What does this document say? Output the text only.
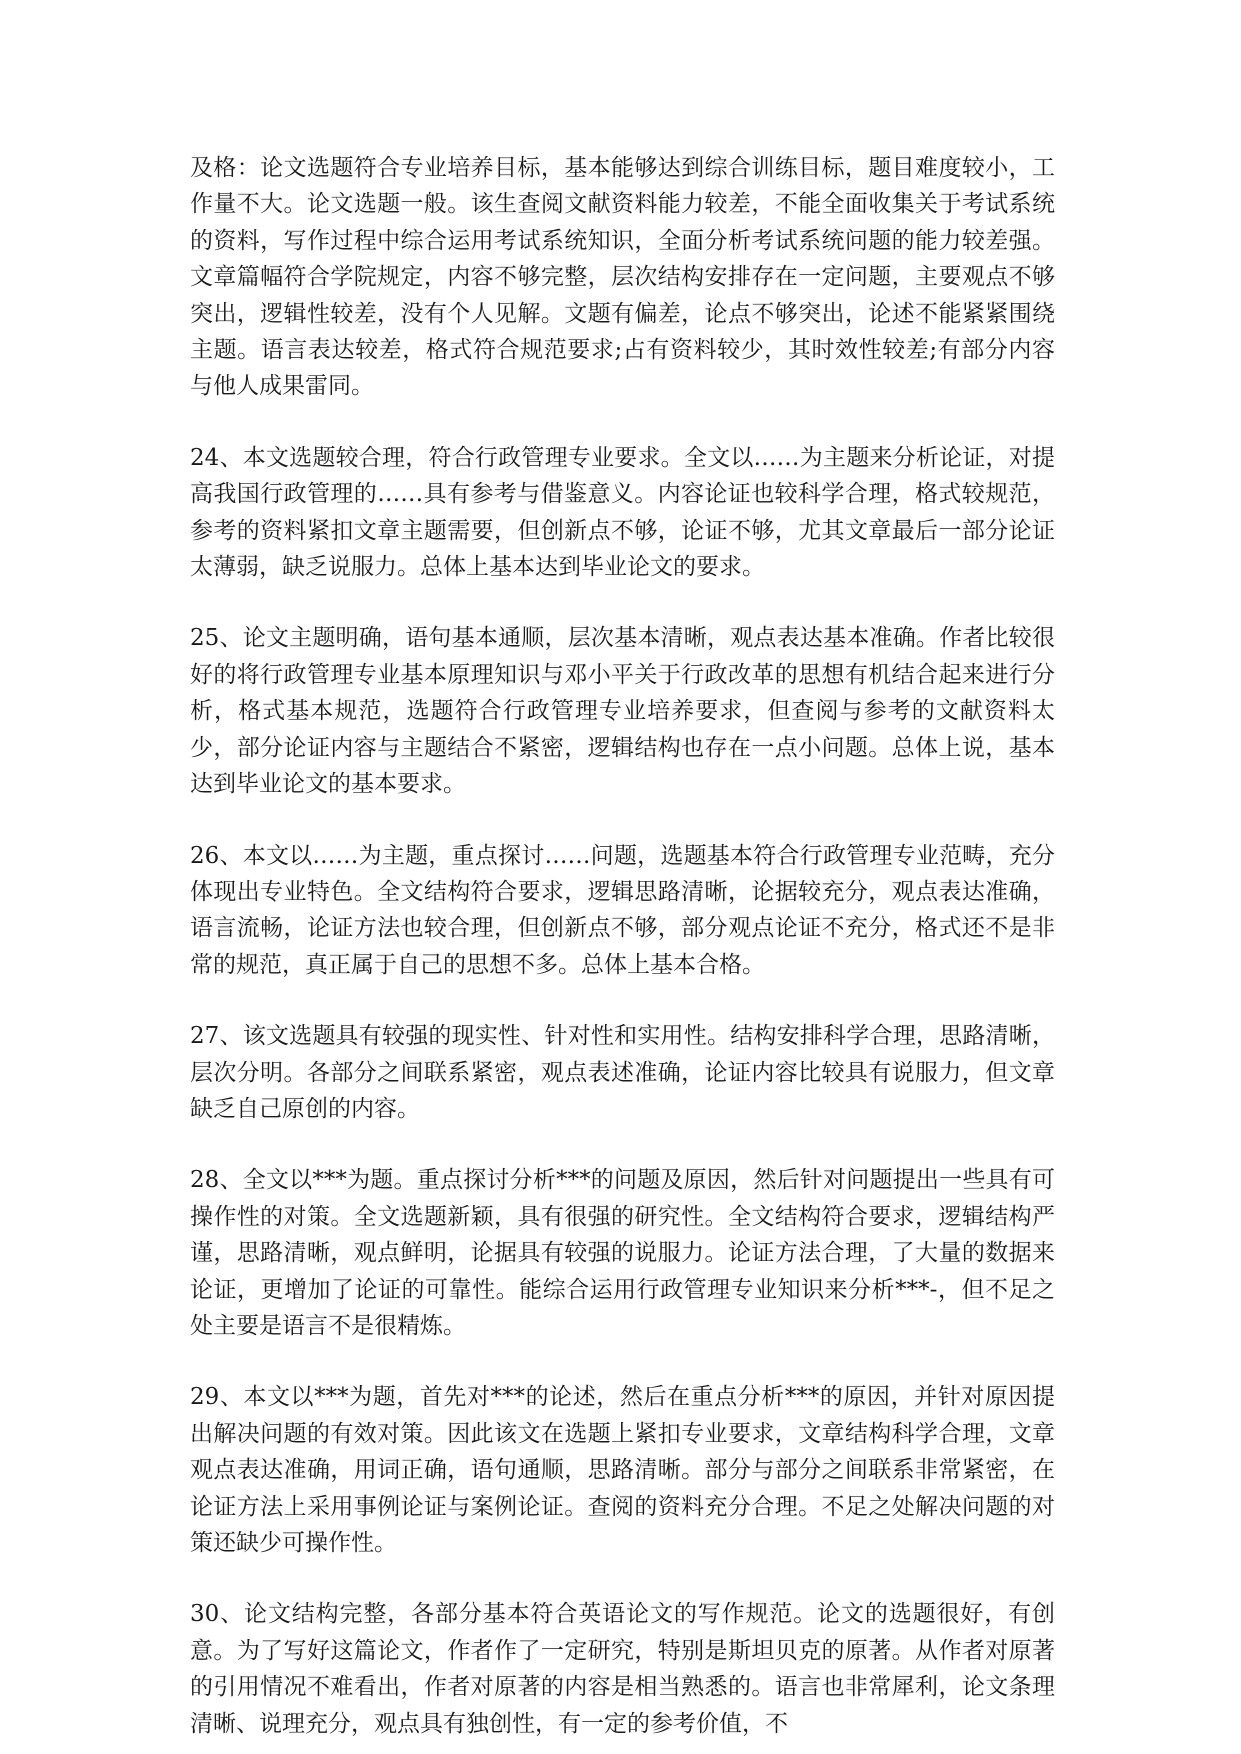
及格：论文选题符合专业培养目标，基本能够达到综合训练目标，题目难度较小，工作量不大。论文选题一般。该生查阅文献资料能力较差，不能全面收集关于考试系统的资料，写作过程中综合运用考试系统知识，全面分析考试系统问题的能力较差强。文章篇幅符合学院规定，内容不够完整，层次结构安排存在一定问题，主要观点不够突出，逻辑性较差，没有个人见解。文题有偏差，论点不够突出，论述不能紧紧围绕主题。语言表达较差，格式符合规范要求;占有资料较少，其时效性较差;有部分内容与他人成果雷同。

24、本文选题较合理，符合行政管理专业要求。全文以……为主题来分析论证，对提高我国行政管理的……具有参考与借鉴意义。内容论证也较科学合理，格式较规范，参考的资料紧扣文章主题需要，但创新点不够，论证不够，尤其文章最后一部分论证太薄弱，缺乏说服力。总体上基本达到毕业论文的要求。

25、论文主题明确，语句基本通顺，层次基本清晰，观点表达基本准确。作者比较很好的将行政管理专业基本原理知识与邓小平关于行政改革的思想有机结合起来进行分析，格式基本规范，选题符合行政管理专业培养要求，但查阅与参考的文献资料太少，部分论证内容与主题结合不紧密，逻辑结构也存在一点小问题。总体上说，基本达到毕业论文的基本要求。

26、本文以……为主题，重点探讨……问题，选题基本符合行政管理专业范畴，充分体现出专业特色。全文结构符合要求，逻辑思路清晰，论据较充分，观点表达准确，语言流畅，论证方法也较合理，但创新点不够，部分观点论证不充分，格式还不是非常的规范，真正属于自己的思想不多。总体上基本合格。

27、该文选题具有较强的现实性、针对性和实用性。结构安排科学合理，思路清晰，层次分明。各部分之间联系紧密，观点表述准确，论证内容比较具有说服力，但文章缺乏自己原创的内容。

28、全文以***为题。重点探讨分析***的问题及原因，然后针对问题提出一些具有可操作性的对策。全文选题新颖，具有很强的研究性。全文结构符合要求，逻辑结构严谨，思路清晰，观点鲜明，论据具有较强的说服力。论证方法合理，了大量的数据来论证，更增加了论证的可靠性。能综合运用行政管理专业知识来分析***-，但不足之处主要是语言不是很精炼。

29、本文以***为题，首先对***的论述，然后在重点分析***的原因，并针对原因提出解决问题的有效对策。因此该文在选题上紧扣专业要求，文章结构科学合理，文章观点表达准确，用词正确，语句通顺，思路清晰。部分与部分之间联系非常紧密，在论证方法上采用事例论证与案例论证。查阅的资料充分合理。不足之处解决问题的对策还缺少可操作性。

30、论文结构完整，各部分基本符合英语论文的写作规范。论文的选题很好，有创意。为了写好这篇论文，作者作了一定研究，特别是斯坦贝克的原著。从作者对原著的引用情况不难看出，作者对原著的内容是相当熟悉的。语言也非常犀利，论文条理清晰、说理充分，观点具有独创性，有一定的参考价值，不
